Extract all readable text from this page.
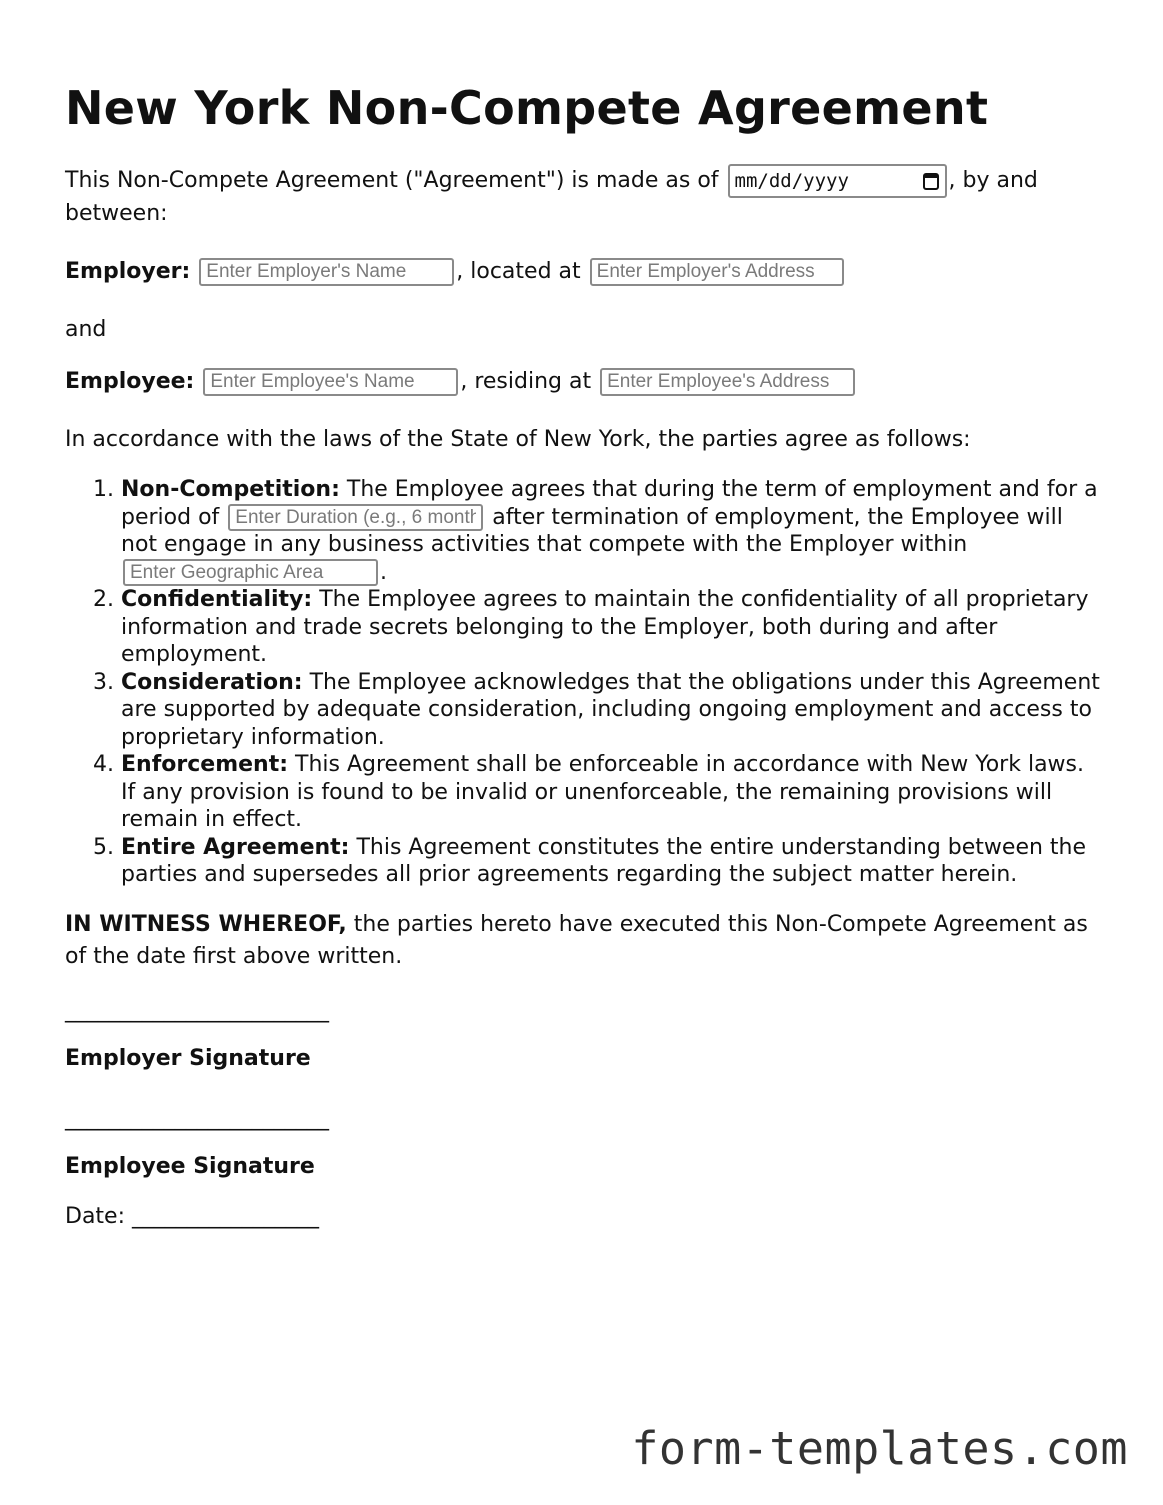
New York Non-Compete Agreement

This Non-Compete Agreement ("Agreement") is made as of mm/dd/yyyy	, by and between:

Employer: Enter Employer's Name	, located at Enter Employer's Address

and

Employee: Enter Employee's Name	, residing at Enter Employee's Address

In accordance with the laws of the State of New York, the parties agree as follows:

1. Non-Competition: The Employee agrees that during the term of employment and for a period of Enter Duration (e.g., 6 months)	after termination of employment, the Employee will not engage in any business activities that compete with the Employer within Enter Geographic Area.
2. Confidentiality: The Employee agrees to maintain the confidentiality of all proprietary information and trade secrets belonging to the Employer, both during and after employment.
3. Consideration: The Employee acknowledges that the obligations under this Agreement are supported by adequate consideration, including ongoing employment and access to proprietary information.
4. Enforcement: This Agreement shall be enforceable in accordance with New York laws. If any provision is found to be invalid or unenforceable, the remaining provisions will remain in effect.
5. Entire Agreement: This Agreement constitutes the entire understanding between the parties and supersedes all prior agreements regarding the subject matter herein.

IN WITNESS WHEREOF, the parties hereto have executed this Non-Compete Agreement as of the date first above written.

________________________
Employer Signature
________________________
Employee Signature

Date: _________________

form-templates.com
